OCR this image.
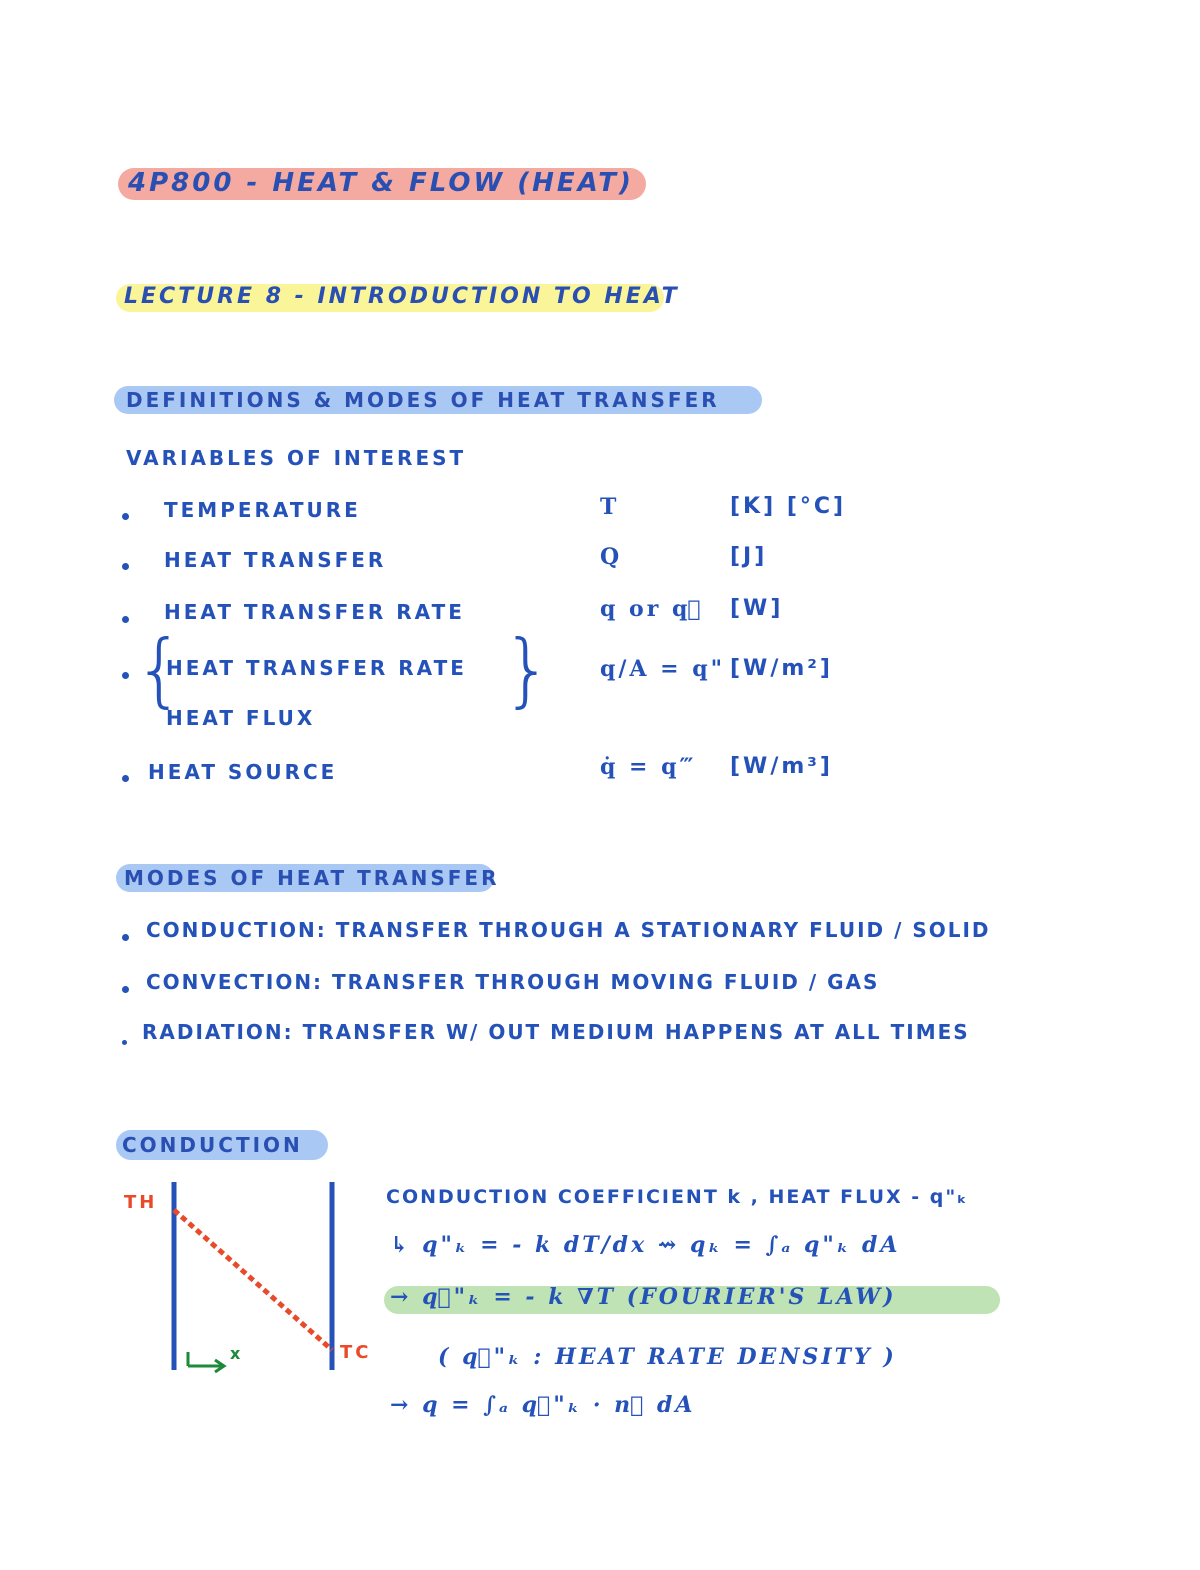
4P800 - HEAT & FLOW (HEAT)
LECTURE 8 - INTRODUCTION TO HEAT
DEFINITIONS & MODES OF HEAT TRANSFER
VARIABLES OF INTEREST
TEMPERATURE	T	[K] [°C]
HEAT TRANSFER	Q	[J]
HEAT TRANSFER RATE	q or q⃗ [W]
{
HEAT TRANSFER RATE
HEAT FLUX
} q/A = q" [W/m²]
HEAT SOURCE	q̇ = q‴ [W/m³]
MODES OF HEAT TRANSFER
CONDUCTION: TRANSFER THROUGH A STATIONARY FLUID / SOLID
CONVECTION: TRANSFER THROUGH MOVING FLUID / GAS
RADIATION: TRANSFER W/ OUT MEDIUM HAPPENS AT ALL TIMES
CONDUCTION
TH
TC
x
CONDUCTION COEFFICIENT k , HEAT FLUX - q"ₖ
↳ q"ₖ = - k dT/dx ⇝ qₖ = ∫ₐ q"ₖ dA
→ q⃗"ₖ = - k ∇T (FOURIER'S LAW)
( q⃗"ₖ : HEAT RATE DENSITY )
→ q = ∫ₐ q⃗"ₖ · n⃗ dA
